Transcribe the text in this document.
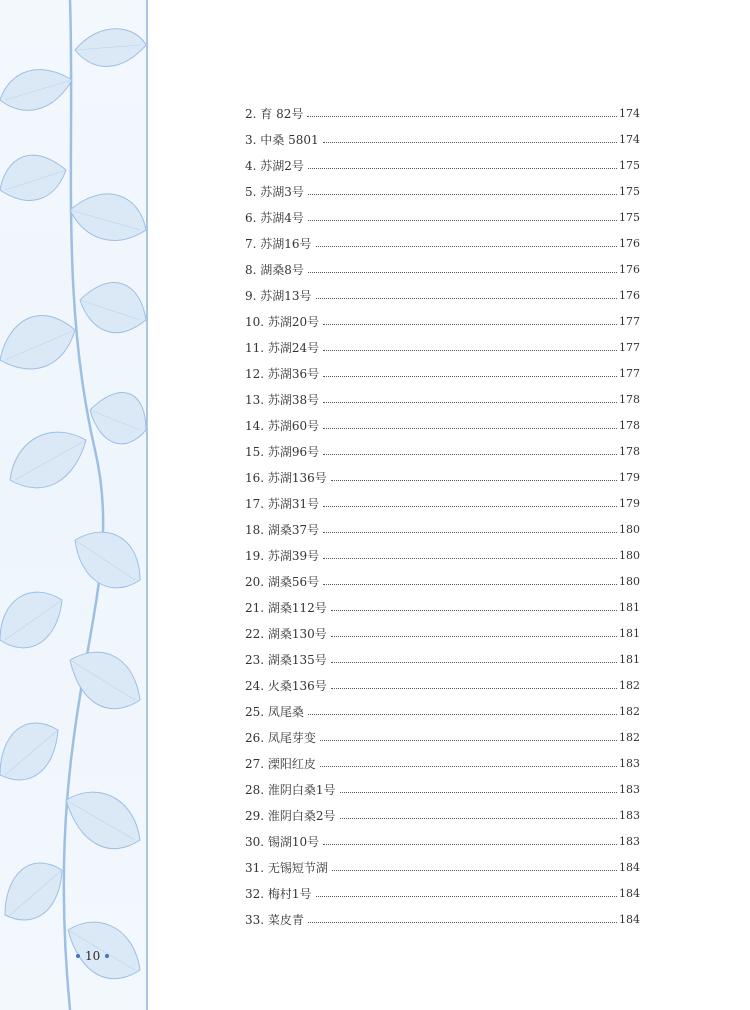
2. 育 82号	174
3. 中桑 5801	174
4. 苏湖2号	175
5. 苏湖3号	175
6. 苏湖4号	175
7. 苏湖16号	176
8. 湖桑8号	176
9. 苏湖13号	176
10. 苏湖20号	177
11. 苏湖24号	177
12. 苏湖36号	177
13. 苏湖38号	178
14. 苏湖60号	178
15. 苏湖96号	178
16. 苏湖136号	179
17. 苏湖31号	179
18. 湖桑37号	180
19. 苏湖39号	180
20. 湖桑56号	180
21. 湖桑112号	181
22. 湖桑130号	181
23. 湖桑135号	181
24. 火桑136号	182
25. 凤尾桑	182
26. 凤尾芽变	182
27. 溧阳红皮	183
28. 淮阴白桑1号	183
29. 淮阴白桑2号	183
30. 锡湖10号	183
31. 无锡短节湖	184
32. 梅村1号	184
33. 菜皮青	184
10
